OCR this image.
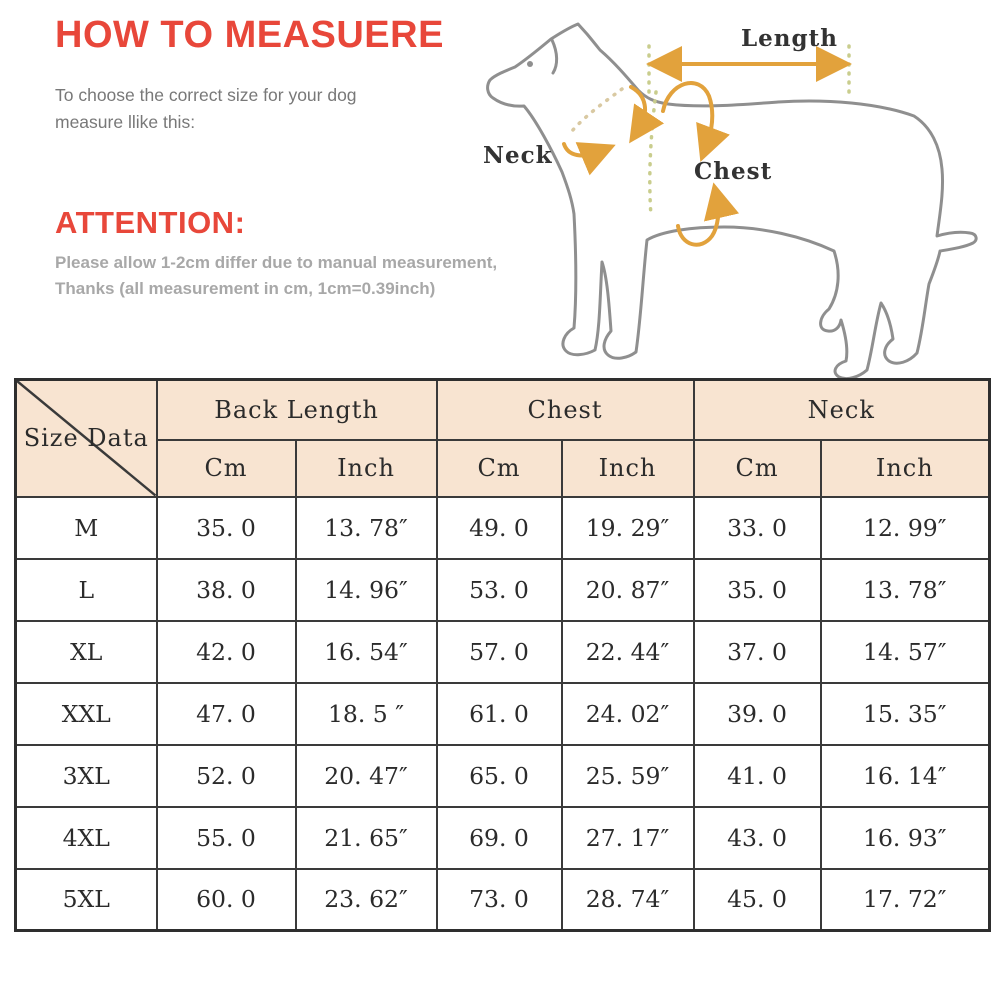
HOW TO MEASUERE
To choose the correct size for your dog
measure llike this:
ATTENTION:
Please allow 1-2cm differ due to manual measurement,
Thanks (all measurement in cm, 1cm=0.39inch)
Length
Neck
Chest
Size Data	Back Length		Chest		Neck	
	Cm	Inch	Cm	Inch	Cm	Inch
M	35. 0	13. 78″	49. 0	19. 29″	33. 0	12. 99″
L	38. 0	14. 96″	53. 0	20. 87″	35. 0	13. 78″
XL	42. 0	16. 54″	57. 0	22. 44″	37. 0	14. 57″
XXL	47. 0	18. 5 ″	61. 0	24. 02″	39. 0	15. 35″
3XL	52. 0	20. 47″	65. 0	25. 59″	41. 0	16. 14″
4XL	55. 0	21. 65″	69. 0	27. 17″	43. 0	16. 93″
5XL	60. 0	23. 62″	73. 0	28. 74″	45. 0	17. 72″
